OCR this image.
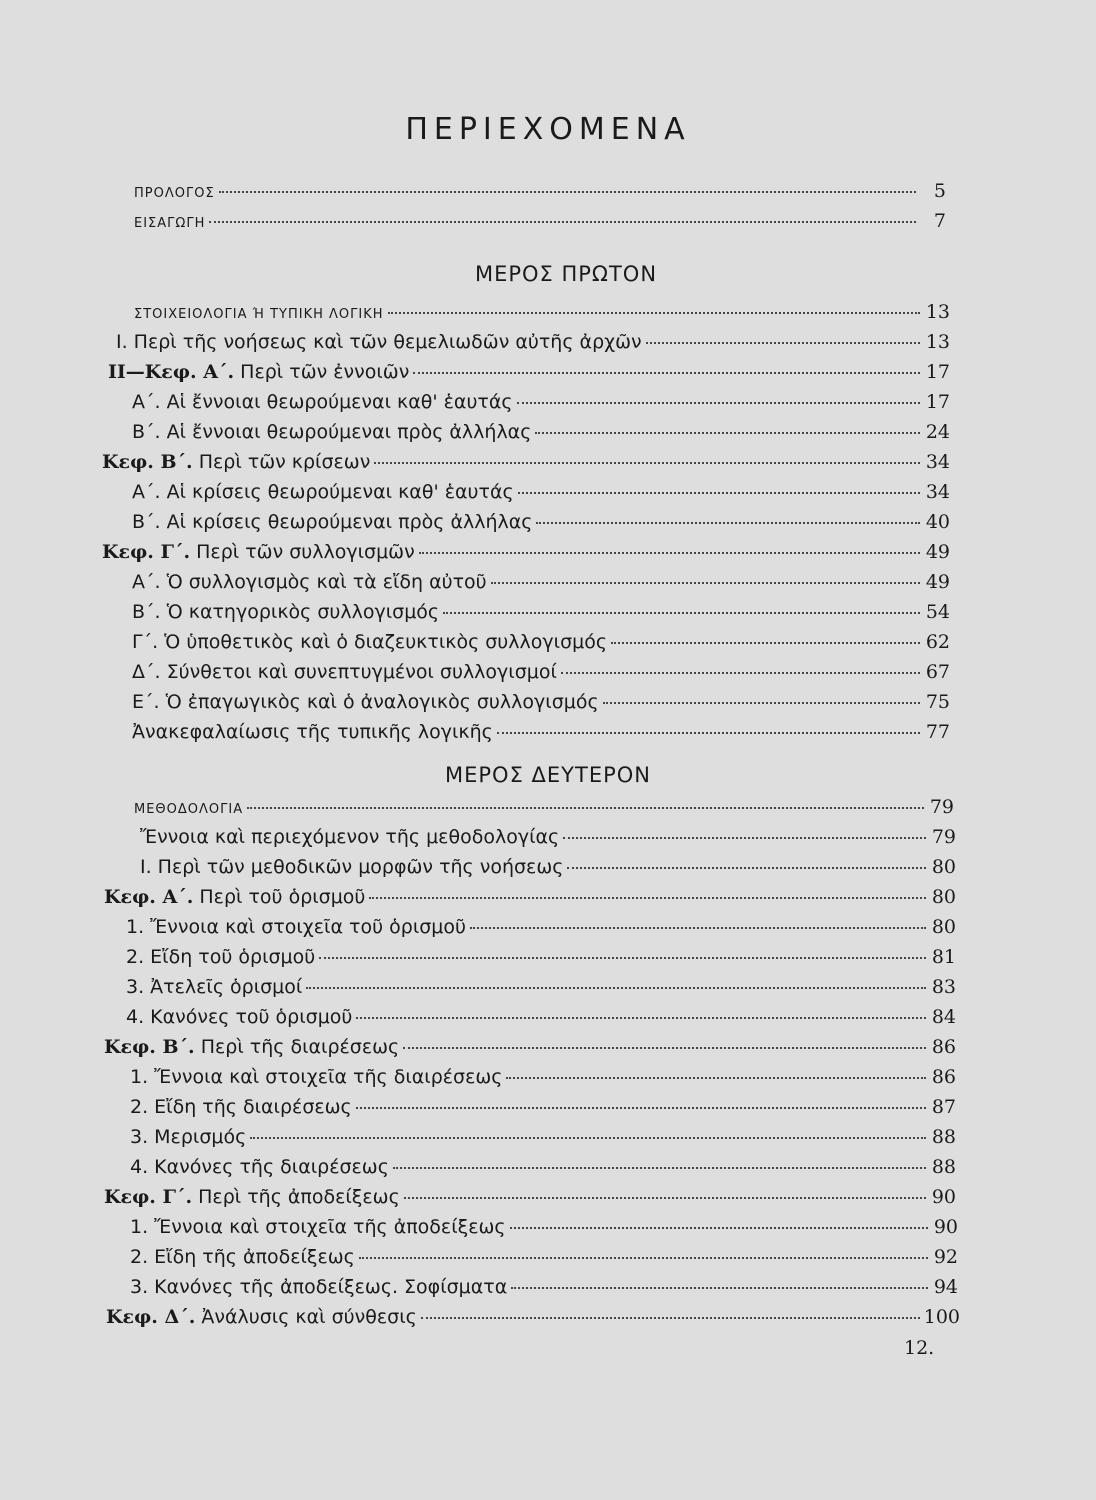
ΠΕΡΙΕΧΟΜΕΝΑ
ΜΕΡΟΣ ΠΡΩΤΟΝ
ΜΕΡΟΣ ΔΕΥΤΕΡΟΝ
ΠΡΟΛΟΓΟΣ	5
ΕΙΣΑΓΩΓΗ	7
ΣΤΟΙΧΕΙΟΛΟΓΙΑ Ή ΤΥΠΙΚΗ ΛΟΓΙΚΗ	13
I. Περὶ τῆς νοήσεως καὶ τῶν θεμελιωδῶν αὐτῆς ἀρχῶν	13
II—Κεφ. Α΄. Περὶ τῶν ἐννοιῶν	17
Α΄. Αἱ ἔννοιαι θεωρούμεναι καθ' ἑαυτάς	17
Β΄. Αἱ ἔννοιαι θεωρούμεναι πρὸς ἀλλήλας	24
Κεφ. Β΄. Περὶ τῶν κρίσεων	34
Α΄. Αἱ κρίσεις θεωρούμεναι καθ' ἑαυτάς	34
Β΄. Αἱ κρίσεις θεωρούμεναι πρὸς ἀλλήλας	40
Κεφ. Γ΄. Περὶ τῶν συλλογισμῶν	49
Α΄. Ὁ συλλογισμὸς καὶ τὰ εἴδη αὐτοῦ	49
Β΄. Ὁ κατηγορικὸς συλλογισμός	54
Γ΄. Ὁ ὑποθετικὸς καὶ ὁ διαζευκτικὸς συλλογισμός	62
Δ΄. Σύνθετοι καὶ συνεπτυγμένοι συλλογισμοί	67
Ε΄. Ὁ ἐπαγωγικὸς καὶ ὁ ἀναλογικὸς συλλογισμός	75
Ἀνακεφαλαίωσις τῆς τυπικῆς λογικῆς	77
ΜΕΘΟΔΟΛΟΓΙΑ	79
Ἔννοια καὶ περιεχόμενον τῆς μεθοδολογίας	79
I. Περὶ τῶν μεθοδικῶν μορφῶν τῆς νοήσεως	80
Κεφ. Α΄. Περὶ τοῦ ὁρισμοῦ	80
1. Ἔννοια καὶ στοιχεῖα τοῦ ὁρισμοῦ	80
2. Εἴδη τοῦ ὁρισμοῦ	81
3. Ἀτελεῖς ὁρισμοί	83
4. Κανόνες τοῦ ὁρισμοῦ	84
Κεφ. Β΄. Περὶ τῆς διαιρέσεως	86
1. Ἔννοια καὶ στοιχεῖα τῆς διαιρέσεως	86
2. Εἴδη τῆς διαιρέσεως	87
3. Μερισμός	88
4. Κανόνες τῆς διαιρέσεως	88
Κεφ. Γ΄. Περὶ τῆς ἀποδείξεως	90
1. Ἔννοια καὶ στοιχεῖα τῆς ἀποδείξεως	90
2. Εἴδη τῆς ἀποδείξεως	92
3. Κανόνες τῆς ἀποδείξεως. Σοφίσματα	94
Κεφ. Δ΄. Ἀνάλυσις καὶ σύνθεσις	100
12.
